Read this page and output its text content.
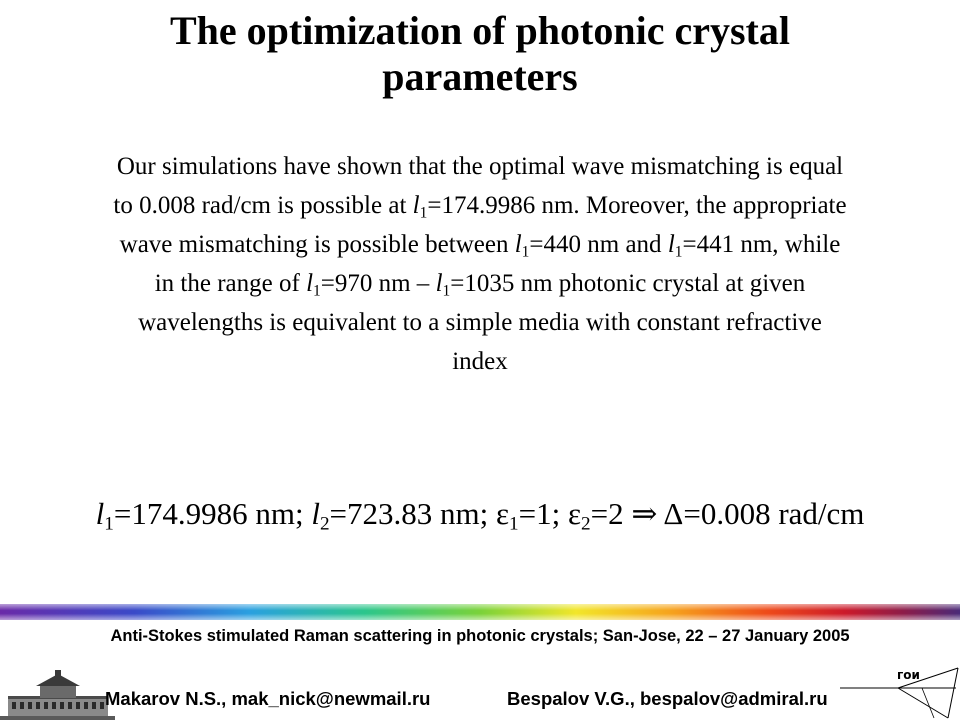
The optimization of photonic crystal
parameters
Our simulations have shown that the optimal wave mismatching is equal
to 0.008 rad/cm is possible at $l_1=174.9986$ nm. Moreover, the appropriate
wave mismatching is possible between $l_1=440$ nm and $l_1=441$ nm, while
in the range of $l_1=970$ nm – $l_1=1035$ nm photonic crystal at given
wavelengths is equivalent to a simple media with constant refractive
index
$l_1=174.9986$ nm; $l_2=723.83$ nm; $\varepsilon_1=1$; $\varepsilon_2=2$ ⇒ Δ=0.008 rad/cm
Anti-Stokes stimulated Raman scattering in photonic crystals; San-Jose, 22 – 27 January 2005
Makarov N.S., mak_nick@newmail.ru	Bespalov V.G., bespalov@admiral.ru
гои
